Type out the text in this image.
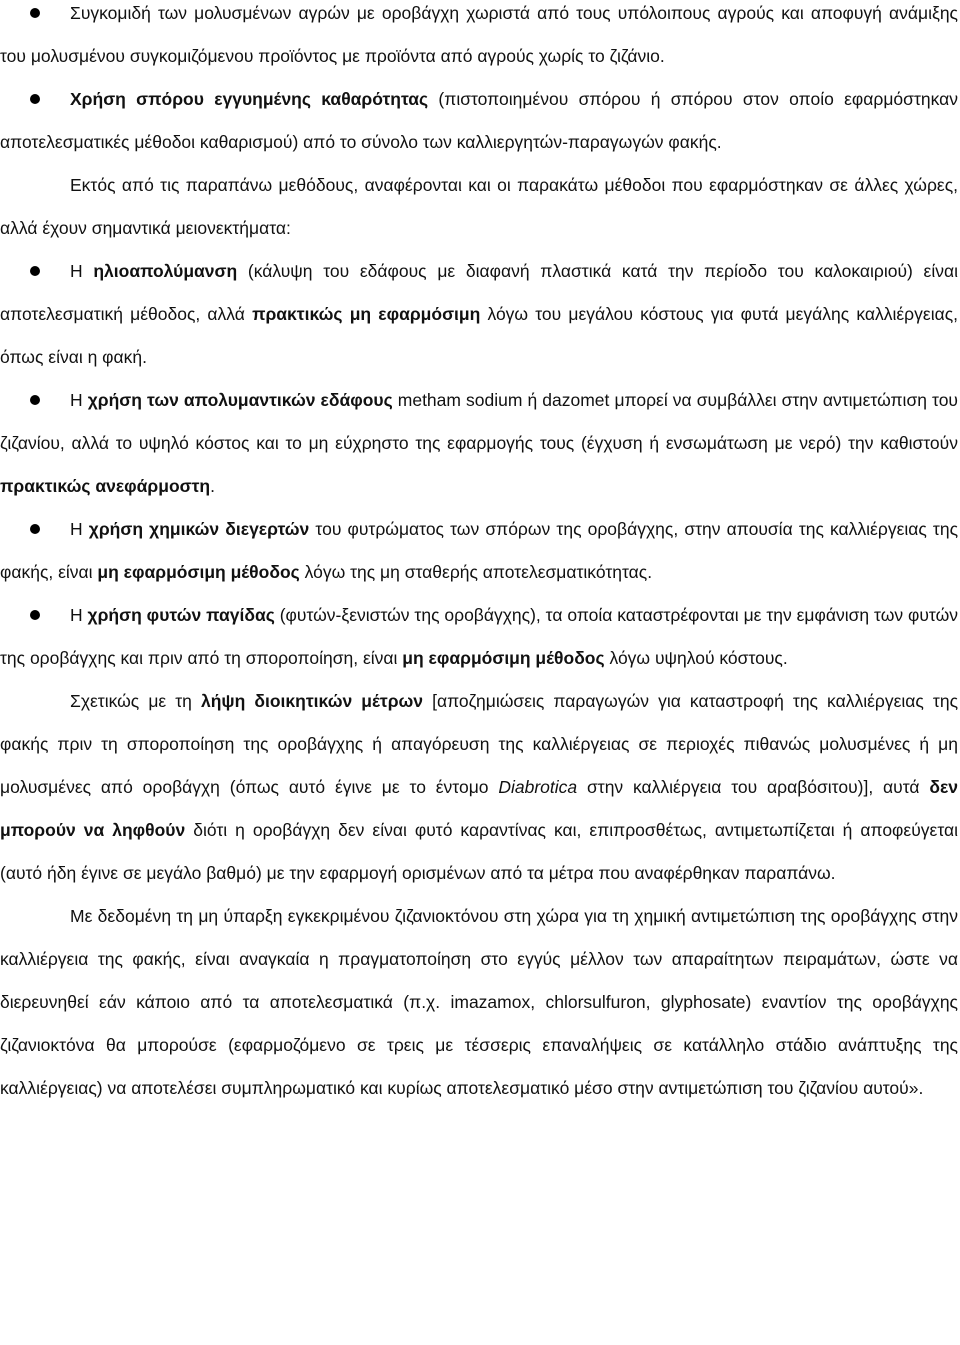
Συγκομιδή των μολυσμένων αγρών με οροβάγχη χωριστά από τους υπόλοιπους αγρούς και αποφυγή ανάμιξης του μολυσμένου συγκομιζόμενου προϊόντος με προϊόντα από αγρούς χωρίς το ζιζάνιο.
Χρήση σπόρου εγγυημένης καθαρότητας (πιστοποιημένου σπόρου ή σπόρου στον οποίο εφαρμόστηκαν αποτελεσματικές μέθοδοι καθαρισμού) από το σύνολο των καλλιεργητών-παραγωγών φακής.

Εκτός από τις παραπάνω μεθόδους, αναφέρονται και οι παρακάτω μέθοδοι που εφαρμόστηκαν σε άλλες χώρες, αλλά έχουν σημαντικά μειονεκτήματα:

Η ηλιοαπολύμανση (κάλυψη του εδάφους με διαφανή πλαστικά κατά την περίοδο του καλοκαιριού) είναι αποτελεσματική μέθοδος, αλλά πρακτικώς μη εφαρμόσιμη λόγω του μεγάλου κόστους για φυτά μεγάλης καλλιέργειας, όπως είναι η φακή.
Η χρήση των απολυμαντικών εδάφους metham sodium ή dazomet μπορεί να συμβάλλει στην αντιμετώπιση του ζιζανίου, αλλά το υψηλό κόστος και το μη εύχρηστο της εφαρμογής τους (έγχυση ή ενσωμάτωση με νερό) την καθιστούν πρακτικώς ανεφάρμοστη.
Η χρήση χημικών διεγερτών του φυτρώματος των σπόρων της οροβάγχης, στην απουσία της καλλιέργειας της φακής, είναι μη εφαρμόσιμη μέθοδος λόγω της μη σταθερής αποτελεσματικότητας.
Η χρήση φυτών παγίδας (φυτών-ξενιστών της οροβάγχης), τα οποία καταστρέφονται με την εμφάνιση των φυτών της οροβάγχης και πριν από τη σποροποίηση, είναι μη εφαρμόσιμη μέθοδος λόγω υψηλού κόστους.

Σχετικώς με τη λήψη διοικητικών μέτρων [αποζημιώσεις παραγωγών για καταστροφή της καλλιέργειας της φακής πριν τη σποροποίηση της οροβάγχης ή απαγόρευση της καλλιέργειας σε περιοχές πιθανώς μολυσμένες ή μη μολυσμένες από οροβάγχη (όπως αυτό έγινε με το έντομο Diabrotica στην καλλιέργεια του αραβόσιτου)], αυτά δεν μπορούν να ληφθούν διότι η οροβάγχη δεν είναι φυτό καραντίνας και, επιπροσθέτως, αντιμετωπίζεται ή αποφεύγεται (αυτό ήδη έγινε σε μεγάλο βαθμό) με την εφαρμογή ορισμένων από τα μέτρα που αναφέρθηκαν παραπάνω.

Με δεδομένη τη μη ύπαρξη εγκεκριμένου ζιζανιοκτόνου στη χώρα για τη χημική αντιμετώπιση της οροβάγχης στην καλλιέργεια της φακής, είναι αναγκαία η πραγματοποίηση στο εγγύς μέλλον των απαραίτητων πειραμάτων, ώστε να διερευνηθεί εάν κάποιο από τα αποτελεσματικά (π.χ. imazamox, chlorsulfuron, glyphosate) εναντίον της οροβάγχης ζιζανιοκτόνα θα μπορούσε (εφαρμοζόμενο σε τρεις με τέσσερις επαναλήψεις σε κατάλληλο στάδιο ανάπτυξης της καλλιέργειας) να αποτελέσει συμπληρωματικό και κυρίως αποτελεσματικό μέσο στην αντιμετώπιση του ζιζανίου αυτού».
